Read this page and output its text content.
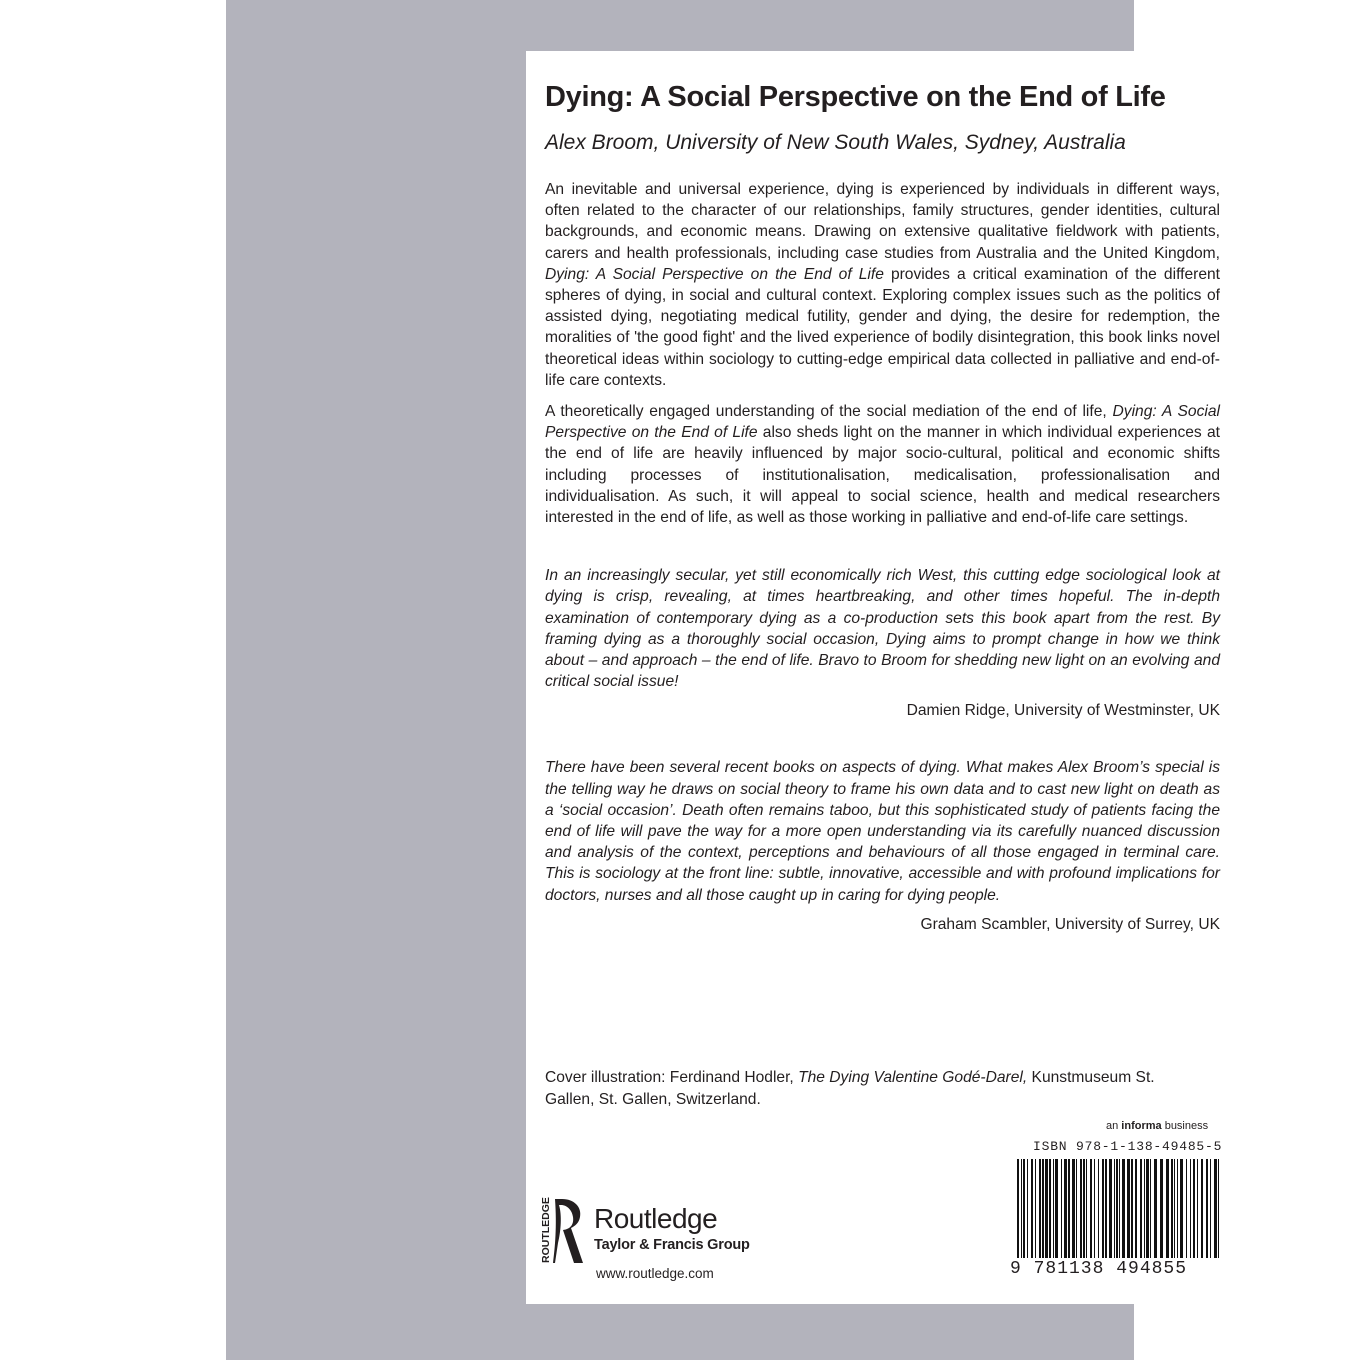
Dying: A Social Perspective on the End of Life

Alex Broom, University of New South Wales, Sydney, Australia

An inevitable and universal experience, dying is experienced by individuals in different ways, often related to the character of our relationships, family structures, gender identities, cultural backgrounds, and economic means. Drawing on extensive qualitative fieldwork with patients, carers and health professionals, including case studies from Australia and the United Kingdom, Dying: A Social Perspective on the End of Life provides a critical examination of the different spheres of dying, in social and cultural context. Exploring complex issues such as the politics of assisted dying, negotiating medical futility, gender and dying, the desire for redemption, the moralities of 'the good fight' and the lived experience of bodily disintegration, this book links novel theoretical ideas within sociology to cutting-edge empirical data collected in palliative and end-of-life care contexts.

A theoretically engaged understanding of the social mediation of the end of life, Dying: A Social Perspective on the End of Life also sheds light on the manner in which individual experiences at the end of life are heavily influenced by major socio-cultural, political and economic shifts including processes of institutionalisation, medicalisation, professionalisation and individualisation. As such, it will appeal to social science, health and medical researchers interested in the end of life, as well as those working in palliative and end-of-life care settings.

In an increasingly secular, yet still economically rich West, this cutting edge sociological look at dying is crisp, revealing, at times heartbreaking, and other times hopeful. The in-depth examination of contemporary dying as a co-production sets this book apart from the rest. By framing dying as a thoroughly social occasion, Dying aims to prompt change in how we think about – and approach – the end of life. Bravo to Broom for shedding new light on an evolving and critical social issue!

Damien Ridge, University of Westminster, UK

There have been several recent books on aspects of dying. What makes Alex Broom’s special is the telling way he draws on social theory to frame his own data and to cast new light on death as a ‘social occasion’. Death often remains taboo, but this sophisticated study of patients facing the end of life will pave the way for a more open understanding via its carefully nuanced discussion and analysis of the context, perceptions and behaviours of all those engaged in terminal care. This is sociology at the front line: subtle, innovative, accessible and with profound implications for doctors, nurses and all those caught up in caring for dying people.

Graham Scambler, University of Surrey, UK

Cover illustration: Ferdinand Hodler, The Dying Valentine Godé-Darel, Kunstmuseum St. Gallen, St. Gallen, Switzerland.
an informa business
ISBN 978-1-138-49485-5
9 781138 494855
ROUTLEDGE Routledge
Taylor & Francis Group
www.routledge.com
